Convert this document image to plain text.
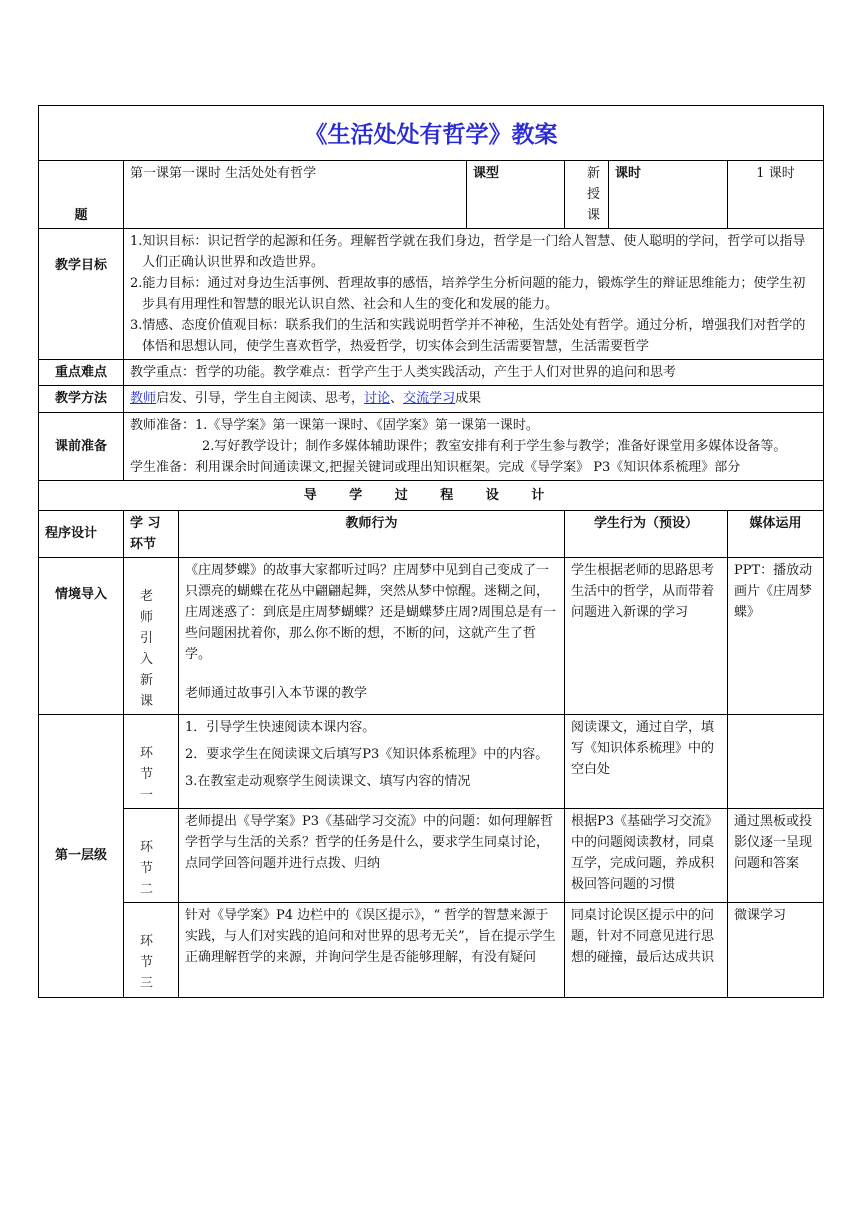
《生活处处有哲学》教案						
题	第一课第一课时 生活处处有哲学		课型	新授课	课时	1 课时
教学目标	1.知识目标：识记哲学的起源和任务。理解哲学就在我们身边，哲学是一门给人智慧、使人聪明的学问，哲学可以指导人们正确认识世界和改造世界。
2.能力目标：通过对身边生活事例、哲理故事的感悟，培养学生分析问题的能力，锻炼学生的辩证思维能力；使学生初步具有用理性和智慧的眼光认识自然、社会和人生的变化和发展的能力。
3.情感、态度价值观目标：联系我们的生活和实践说明哲学并不神秘，生活处处有哲学。通过分析，增强我们对哲学的体悟和思想认同，使学生喜欢哲学，热爱哲学，切实体会到生活需要智慧，生活需要哲学					

重点难点	教学重点：哲学的功能。教学难点：哲学产生于人类实践活动，产生于人们对世界的追问和思考					
教学方法	教师启发、引导，学生自主阅读、思考，讨论、交流学习成果					
课前准备	教师准备：1.《导学案》第一课第一课时、《固学案》第一课第一课时。
2.写好教学设计；制作多媒体辅助课件；教室安排有利于学生参与教学；准备好课堂用多媒体设备等。
学生准备：利用课余时间通读课文,把握关键词或理出知识框架。完成《导学案》 P3《知识体系梳理》部分					

导 学 过 程 设 计						
程序设计	学 习 环节	教师行为		学生行为（预设）		媒体运用
情境导入	老 师 引 入 新课	《庄周梦蝶》的故事大家都听过吗？庄周梦中见到自己变成了一只漂亮的蝴蝶在花丛中翩翩起舞，突然从梦中惊醒。迷糊之间，庄周迷惑了：到底是庄周梦蝴蝶？还是蝴蝶梦庄周?周围总是有一些问题困扰着你，那么你不断的想，不断的问，这就产生了哲学。
老师通过故事引入本节课的教学		学生根据老师的思路思考生活中的哲学，从而带着问题进入新课的学习		PPT：播放动画片《庄周梦蝶》
第一层级	环 节 一	1．引导学生快速阅读本课内容。
2．要求学生在阅读课文后填写P3《知识体系梳理》中的内容。
3.在教室走动观察学生阅读课文、填写内容的情况		阅读课文，通过自学，填写《知识体系梳理》中的空白处		
	环 节 二	老师提出《导学案》P3《基础学习交流》中的问题：如何理解哲学哲学与生活的关系？哲学的任务是什么，要求学生同桌讨论，点同学回答问题并进行点拨、归纳		根据P3《基础学习交流》中的问题阅读教材，同桌互学，完成问题，养成积极回答问题的习惯		通过黑板或投影仪逐一呈现问题和答案
	环 节 三	针对《导学案》P4 边栏中的《误区提示》，“ 哲学的智慧来源于实践，与人们对实践的追问和对世界的思考无关”，旨在提示学生正确理解哲学的来源，并询问学生是否能够理解，有没有疑问		同桌讨论误区提示中的问题，针对不同意见进行思想的碰撞，最后达成共识		微课学习
